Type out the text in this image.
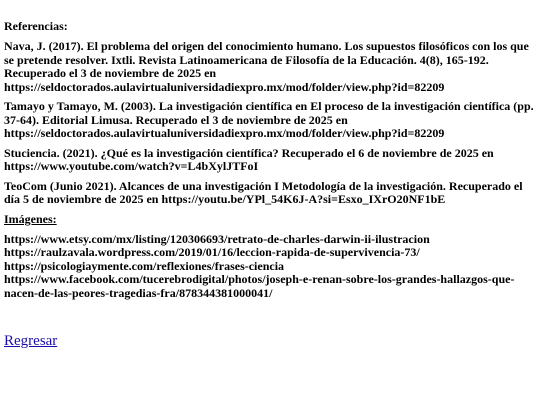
Referencias:
Nava, J. (2017). El problema del origen del conocimiento humano. Los supuestos filosóficos con los que se pretende resolver. Ixtli. Revista Latinoamericana de Filosofía de la Educación. 4(8), 165-192. Recuperado el 3 de noviembre de 2025 en https://seldoctorados.aulavirtualuniversidadiexpro.mx/mod/folder/view.php?id=82209
Tamayo y Tamayo, M. (2003). La investigación científica en El proceso de la investigación científica (pp. 37-64). Editorial Limusa. Recuperado el 3 de noviembre de 2025 en https://seldoctorados.aulavirtualuniversidadiexpro.mx/mod/folder/view.php?id=82209
Stuciencia. (2021). ¿Qué es la investigación científica? Recuperado el 6 de noviembre de 2025 en https://www.youtube.com/watch?v=L4bXylJTFoI
TeoCom (Junio 2021). Alcances de una investigación I Metodología de la investigación. Recuperado el día 5 de noviembre de 2025 en https://youtu.be/YPl_54K6J-A?si=Esxo_IXrO20NF1bE
Imágenes:
https://www.etsy.com/mx/listing/120306693/retrato-de-charles-darwin-ii-ilustracion
https://raulzavala.wordpress.com/2019/01/16/leccion-rapida-de-supervivencia-73/
https://psicologiaymente.com/reflexiones/frases-ciencia
https://www.facebook.com/tucerebrodigital/photos/joseph-e-renan-sobre-los-grandes-hallazgos-que-nacen-de-las-peores-tragedias-fra/878344381000041/
Regresar
